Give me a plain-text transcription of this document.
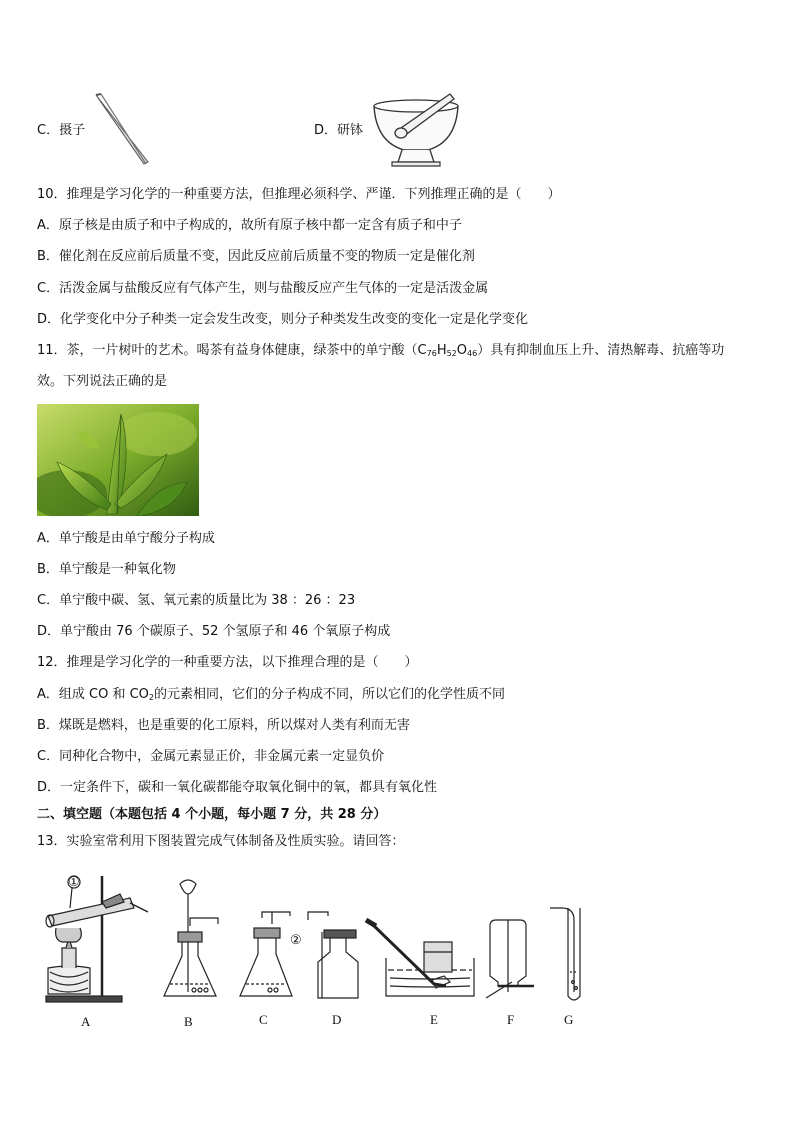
C．摄子	D．研钵
10．推理是学习化学的一种重要方法，但推理必须科学、严谨．下列推理正确的是（　　）
A．原子核是由质子和中子构成的，故所有原子核中都一定含有质子和中子
B．催化剂在反应前后质量不变，因此反应前后质量不变的物质一定是催化剂
C．活泼金属与盐酸反应有气体产生，则与盐酸反应产生气体的一定是活泼金属
D．化学变化中分子种类一定会发生改变，则分子种类发生改变的变化一定是化学变化
11．茶，一片树叶的艺术。喝茶有益身体健康，绿茶中的单宁酸$(C_{76}H_{52}O_{46})$具有抑制血压上升、清热解毒、抗癌等功
效。下列说法正确的是
A．单宁酸是由单宁酸分子构成
B．单宁酸是一种氧化物
C．单宁酸中碳、氢、氧元素的质量比为 38 ：26 ：23
D．单宁酸由 76 个碳原子、52 个氢原子和 46 个氧原子构成
12．推理是学习化学的一种重要方法，以下推理合理的是（　　）
A．组成 CO 和 $CO_2$的元素相同，它们的分子构成不同，所以它们的化学性质不同
B．煤既是燃料，也是重要的化工原料，所以煤对人类有利而无害
C．同种化合物中，金属元素显正价，非金属元素一定显负价
D．一定条件下，碳和一氧化碳都能夺取氧化铜中的氧，都具有氧化性
二、填空题（本题包括 4 个小题，每小题 7 分，共 28 分）
13．实验室常利用下图装置完成气体制备及性质实验。请回答：
①
②
A	B	C	D	E	F	G
